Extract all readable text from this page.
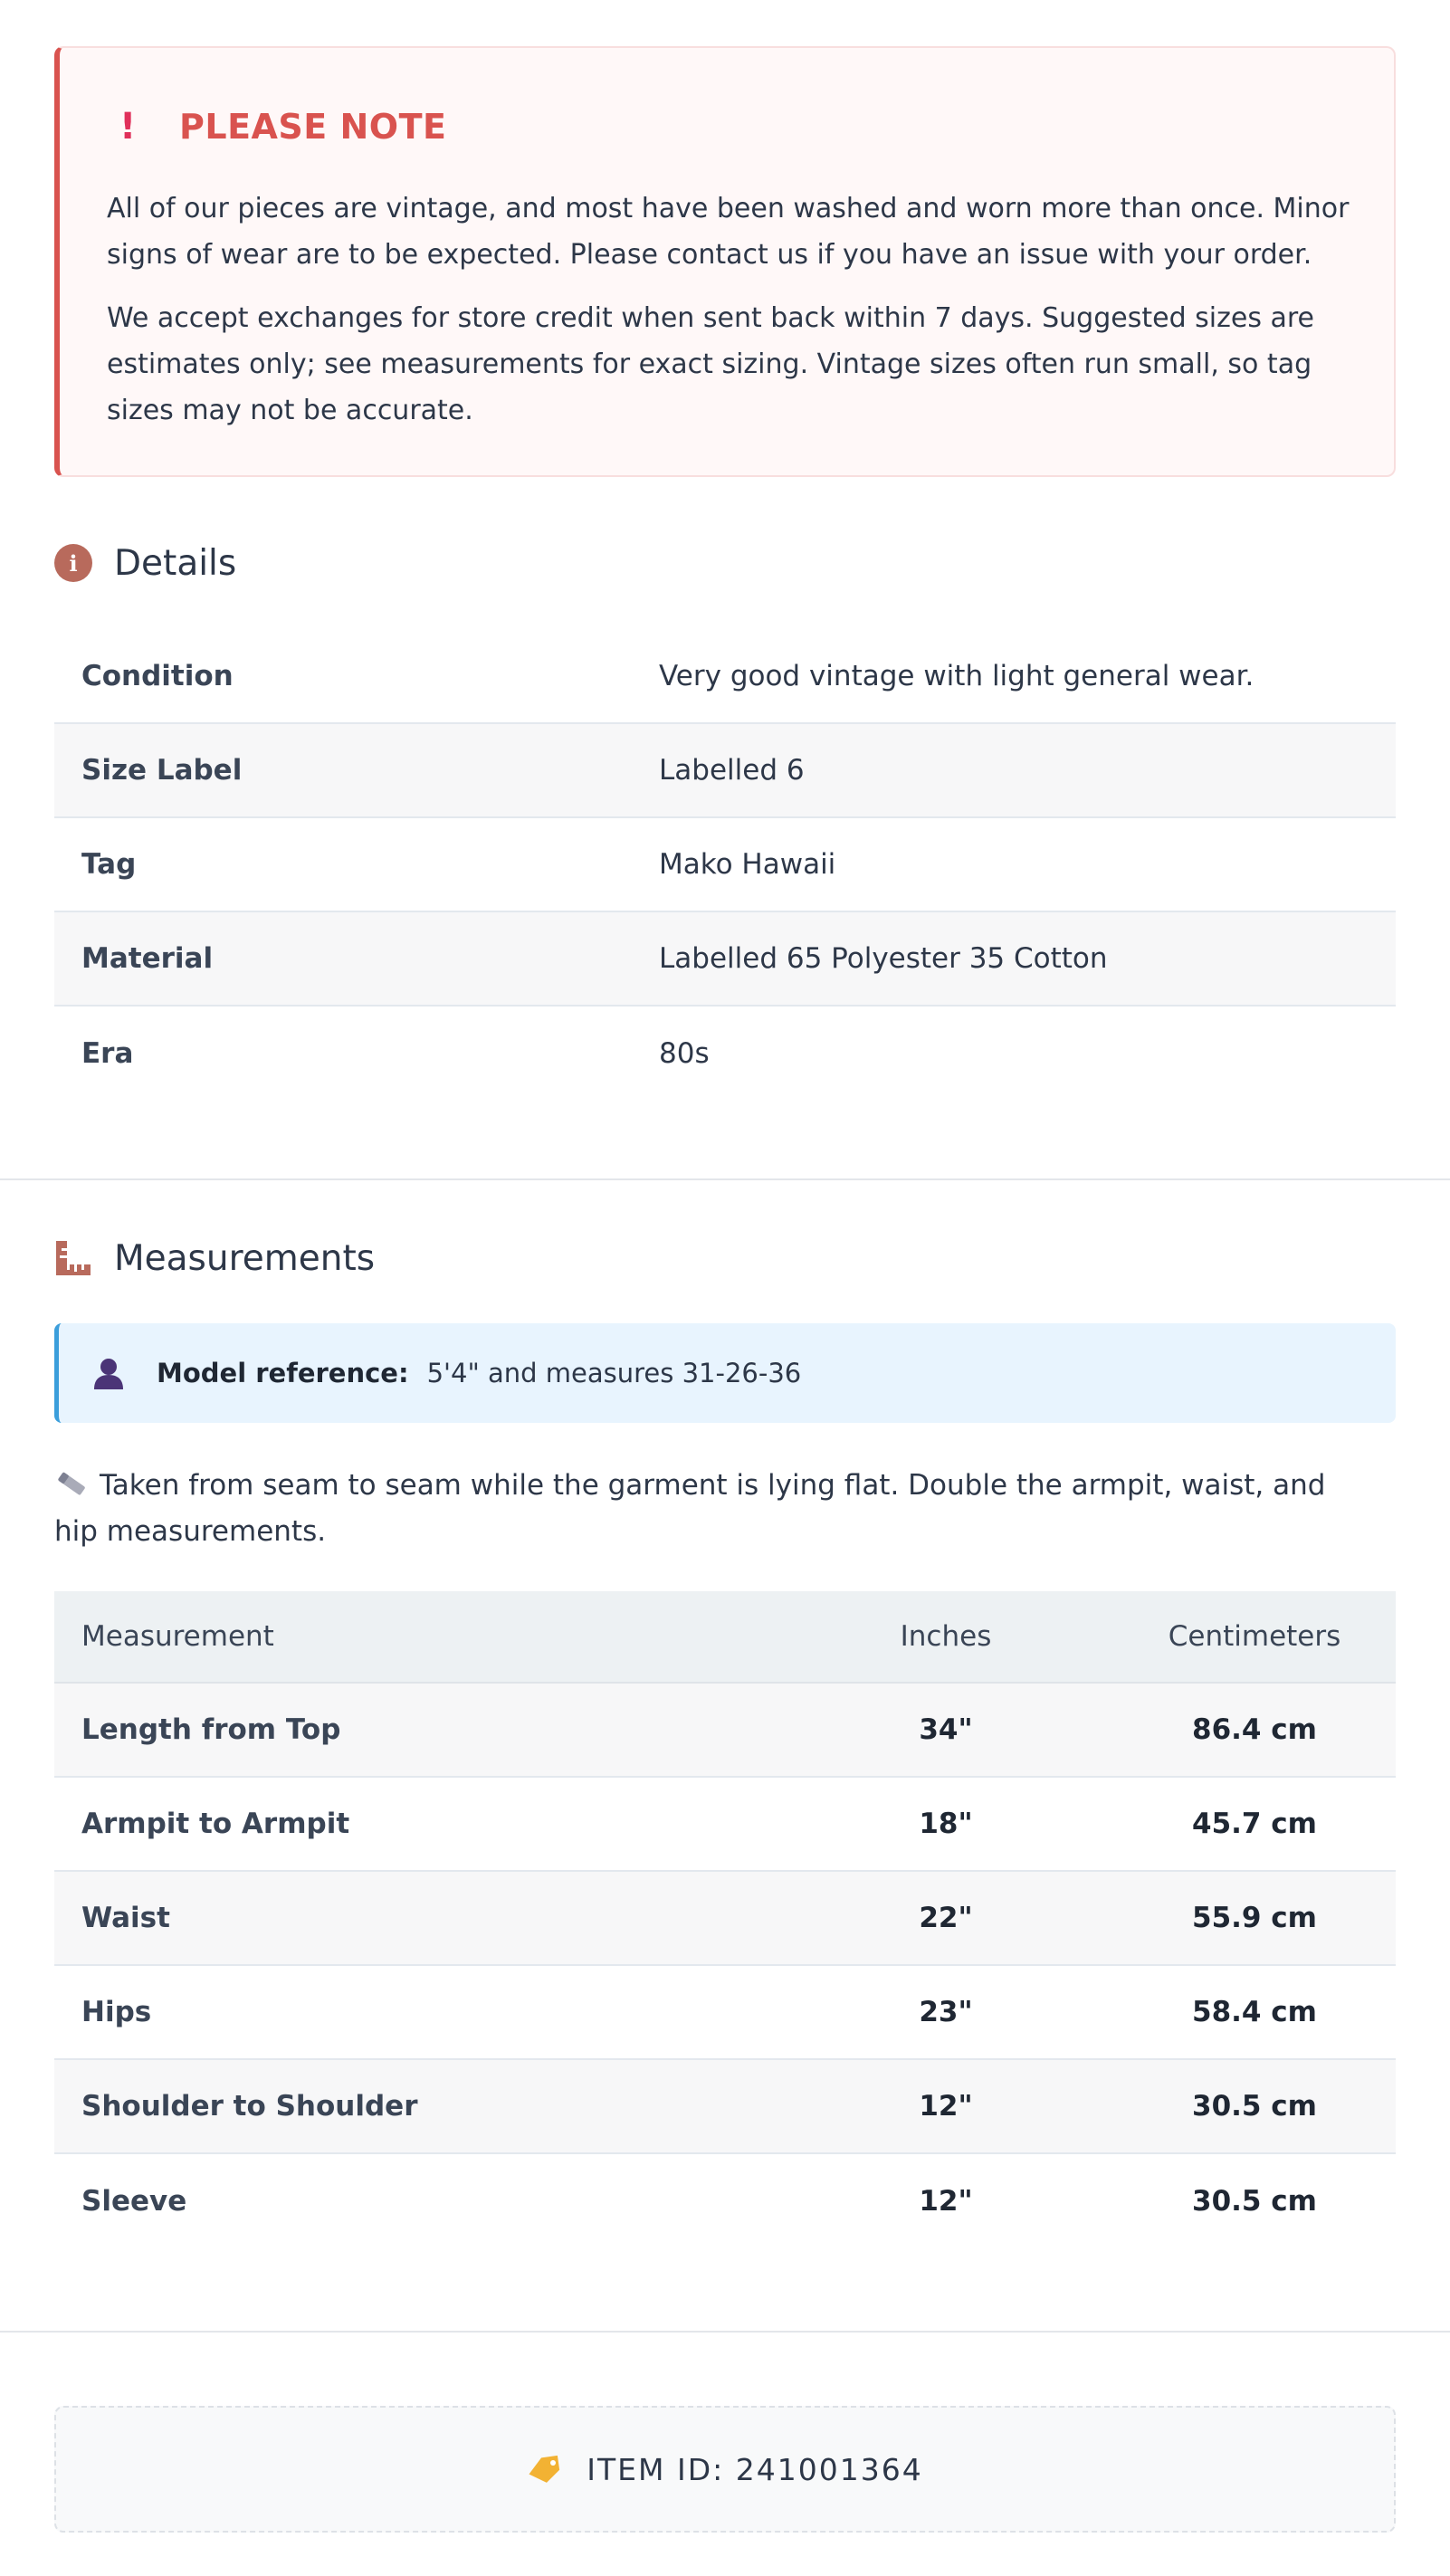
! PLEASE NOTE

All of our pieces are vintage, and most have been washed and worn more than once. Minor signs of wear are to be expected. Please contact us if you have an issue with your order.

We accept exchanges for store credit when sent back within 7 days. Suggested sizes are estimates only; see measurements for exact sizing. Vintage sizes often run small, so tag sizes may not be accurate.

i	Details
Condition	Very good vintage with light general wear.
Size Label	Labelled 6
Tag	Mako Hawaii
Material	Labelled 65 Polyester 35 Cotton
Era	80s
Measurements
Model reference: 5'4" and measures 31-26-36

Taken from seam to seam while the garment is lying flat. Double the armpit, waist, and hip measurements.

Measurement	Inches	Centimeters
Length from Top	34"	86.4 cm
Armpit to Armpit	18"	45.7 cm
Waist	22"	55.9 cm
Hips	23"	58.4 cm
Shoulder to Shoulder	12"	30.5 cm
Sleeve	12"	30.5 cm
ITEM ID: 241001364
